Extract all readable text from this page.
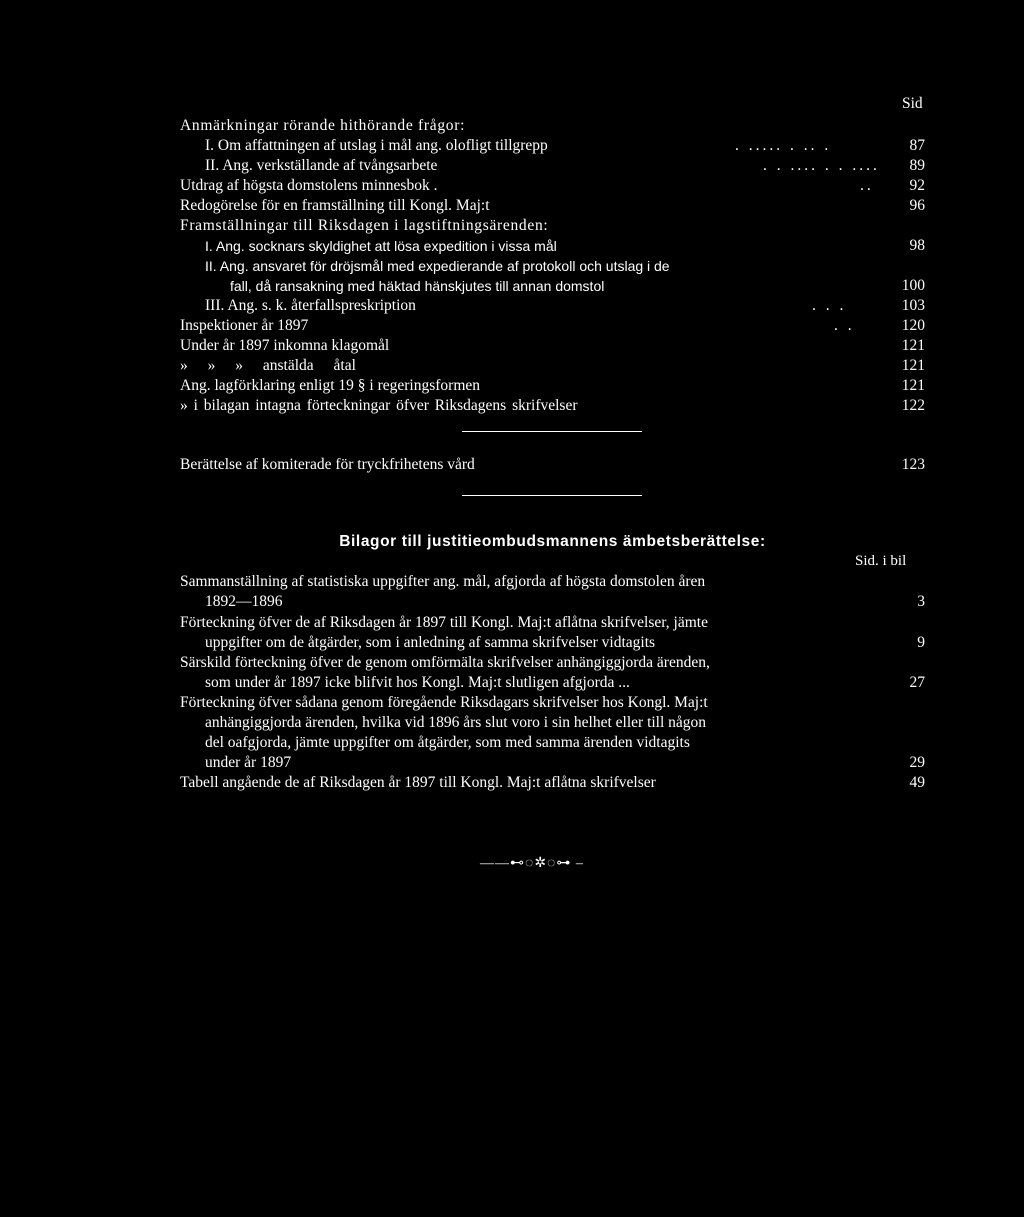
Sid
Anmärkningar rörande hithörande frågor:
I. Om affattningen af utslag i mål ang. olofligt tillgrepp	. ..... . .. .	87
II. Ang. verkställande af tvångsarbete	. . .... . . .... 89
Utdrag af högsta domstolens minnesbok .	.. 92
Redogörelse för en framställning till Kongl. Maj:t	96
Framställningar till Riksdagen i lagstiftningsärenden:
I. Ang. socknars skyldighet att lösa expedition i vissa mål	98
II. Ang. ansvaret för dröjsmål med expedierande af protokoll och utslag i de
fall, då ransakning med häktad hänskjutes till annan domstol	100
III. Ang. s. k. återfallspreskription	. . .	103
Inspektioner år 1897	. .	120
Under år 1897 inkomna klagomål	121
» » » anstälda åtal	121
Ang. lagförklaring enligt 19 § i regeringsformen	121
» i bilagan intagna förteckningar öfver Riksdagens skrifvelser	122
Berättelse af komiterade för tryckfrihetens vård	123
Bilagor till justitieombudsmannens ämbetsberättelse:
Sid. i bil
Sammanställning af statistiska uppgifter ang. mål, afgjorda af högsta domstolen åren
1892—1896	3
Förteckning öfver de af Riksdagen år 1897 till Kongl. Maj:t aflåtna skrifvelser, jämte
uppgifter om de åtgärder, som i anledning af samma skrifvelser vidtagits	9
Särskild förteckning öfver de genom omförmälta skrifvelser anhängiggjorda ärenden,
som under år 1897 icke blifvit hos Kongl. Maj:t slutligen afgjorda ...	27
Förteckning öfver sådana genom föregående Riksdagars skrifvelser hos Kongl. Maj:t
anhängiggjorda ärenden, hvilka vid 1896 års slut voro i sin helhet eller till någon
del oafgjorda, jämte uppgifter om åtgärder, som med samma ärenden vidtagits
under år 1897	29
Tabell angående de af Riksdagen år 1897 till Kongl. Maj:t aflåtna skrifvelser	49
——⊷◌✲◌⊶ –
